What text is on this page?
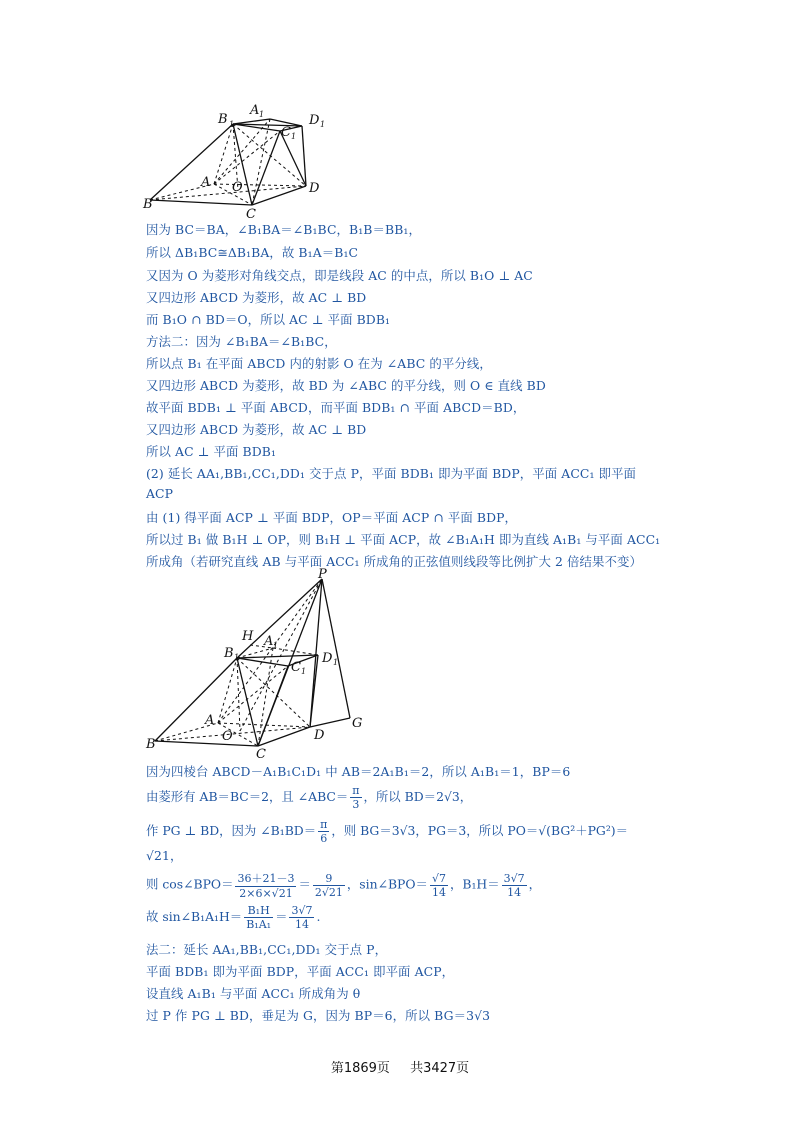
B 1
A 1
C 1
D 1
A O
B
C
D
因为 BC＝BA，∠B₁BA＝∠B₁BC，B₁B＝BB₁，
所以 ΔB₁BC≅ΔB₁BA，故 B₁A＝B₁C
又因为 O 为菱形对角线交点，即是线段 AC 的中点，所以 B₁O ⊥ AC
又四边形 ABCD 为菱形，故 AC ⊥ BD
而 B₁O ∩ BD＝O，所以 AC ⊥ 平面 BDB₁
方法二：因为 ∠B₁BA＝∠B₁BC，
所以点 B₁ 在平面 ABCD 内的射影 O 在为 ∠ABC 的平分线，
又四边形 ABCD 为菱形，故 BD 为 ∠ABC 的平分线，则 O ∈ 直线 BD
故平面 BDB₁ ⊥ 平面 ABCD，而平面 BDB₁ ∩ 平面 ABCD＝BD，
又四边形 ABCD 为菱形，故 AC ⊥ BD
所以 AC ⊥ 平面 BDB₁
(2) 延长 AA₁,BB₁,CC₁,DD₁ 交于点 P，平面 BDB₁ 即为平面 BDP，平面 ACC₁ 即平面
ACP
由 (1) 得平面 ACP ⊥ 平面 BDP，OP＝平面 ACP ∩ 平面 BDP，
所以过 B₁ 做 B₁H ⊥ OP，则 B₁H ⊥ 平面 ACP，故 ∠B₁A₁H 即为直线 A₁B₁ 与平面 ACC₁
所成角（若研究直线 AB 与平面 ACC₁ 所成角的正弦值则线段等比例扩大 2 倍结果不变）
P
H A 1
B 1
C 1
D 1
A
O
B
C
D
G
因为四棱台 ABCD－A₁B₁C₁D₁ 中 AB＝2A₁B₁＝2，所以 A₁B₁＝1，BP＝6
由菱形有 AB＝BC＝2，且 ∠ABC＝ $\frac{\pi}{3}$ ，所以 BD＝2√3，
作 PG ⊥ BD，因为 ∠B₁BD＝ $\frac{\pi}{6}$ ，则 BG＝3√3，PG＝3，所以 PO＝√(BG²＋PG²)＝
√21，
则 cos∠BPO＝ $\frac{36+21-3}{2\times 6\times√21} = \frac{9}{2√21}$ ，sin∠BPO＝ $\frac{√7}{14}$ ，$B_1H= \frac{3√7}{14}$ ，
故 sin∠B₁A₁H＝ $\frac{\text{B₁H}}{\text{B₁A₁}} = \frac{3√7}{14}$ .
法二：延长 AA₁,BB₁,CC₁,DD₁ 交于点 P，
平面 BDB₁ 即为平面 BDP，平面 ACC₁ 即平面 ACP，
设直线 A₁B₁ 与平面 ACC₁ 所成角为 θ
过 P 作 PG ⊥ BD，垂足为 G，因为 BP＝6，所以 BG＝3√3
第1869页 共3427页
